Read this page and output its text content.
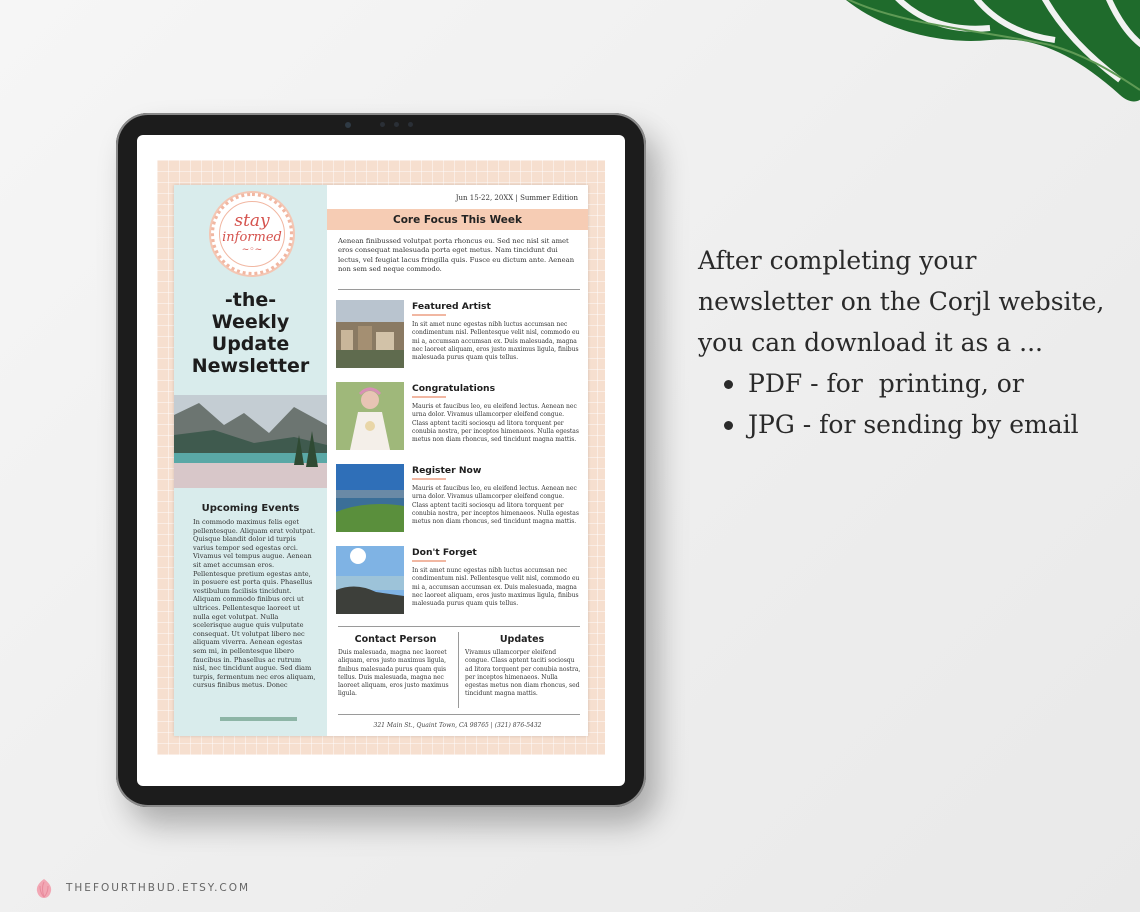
stay
informed
~◦~
-the-
Weekly
Update
Newsletter
Upcoming Events
In commodo maximus felis eget pellentesque. Aliquam erat volutpat. Quisque blandit dolor id turpis varius tempor sed egestas orci. Vivamus vel tempus augue. Aenean sit amet accumsan eros. Pellentesque pretium egestas ante, in posuere est porta quis. Phasellus vestibulum facilisis tincidunt. Aliquam commodo finibus orci ut ultrices. Pellentesque laoreet ut nulla eget volutpat. Nulla scelerisque augue quis vulputate consequat. Ut volutpat libero nec aliquam viverra. Aenean egestas sem mi, in pellentesque libero faucibus in. Phasellus ac rutrum nisl, nec tincidunt augue. Sed diam turpis, fermentum nec eros aliquam, cursus finibus metus. Donec
Jun 15-22, 20XX | Summer Edition
Core Focus This Week
Aenean finibussed volutpat porta rhoncus eu. Sed nec nisl sit amet eros consequat malesuada porta eget metus. Nam tincidunt dui lectus, vel feugiat lacus fringilla quis. Fusce eu dictum ante. Aenean non sem sed neque commodo.
Featured Artist
In sit amet nunc egestas nibh luctus accumsan nec condimentum nisl. Pellentesque velit nisl, commodo eu mi a, accumsan accumsan ex. Duis malesuada, magna nec laoreet aliquam, eros justo maximus ligula, finibus malesuada purus quam quis tellus.
Congratulations
Mauris et faucibus leo, eu eleifend lectus. Aenean nec urna dolor. Vivamus ullamcorper eleifend congue. Class aptent taciti sociosqu ad litora torquent per conubia nostra, per inceptos himenaeos. Nulla egestas metus non diam rhoncus, sed tincidunt magna mattis.
Register Now
Mauris et faucibus leo, eu eleifend lectus. Aenean nec urna dolor. Vivamus ullamcorper eleifend congue. Class aptent taciti sociosqu ad litora torquent per conubia nostra, per inceptos himenaeos. Nulla egestas metus non diam rhoncus, sed tincidunt magna mattis.
Don't Forget
In sit amet nunc egestas nibh luctus accumsan nec condimentum nisl. Pellentesque velit nisl, commodo eu mi a, accumsan accumsan ex. Duis malesuada, magna nec laoreet aliquam, eros justo maximus ligula, finibus malesuada purus quam quis tellus.
Contact Person
Duis malesuada, magna nec laoreet aliquam, eros justo maximus ligula, finibus malesuada purus quam quis tellus. Duis malesuada, magna nec laoreet aliquam, eros justo maximus ligula.
Updates
Vivamus ullamcorper eleifend congue. Class aptent taciti sociosqu ad litora torquent per conubia nostra, per inceptos himenaeos. Nulla egestas metus non diam rhoncus, sed tincidunt magna mattis.
321 Main St., Quaint Town, CA 98765 | (321) 876-5432
After completing your
newsletter on the Corjl website,
you can download it as a ...
PDF - for  printing, or
JPG - for sending by email
THEFOURTHBUD.ETSY.COM
